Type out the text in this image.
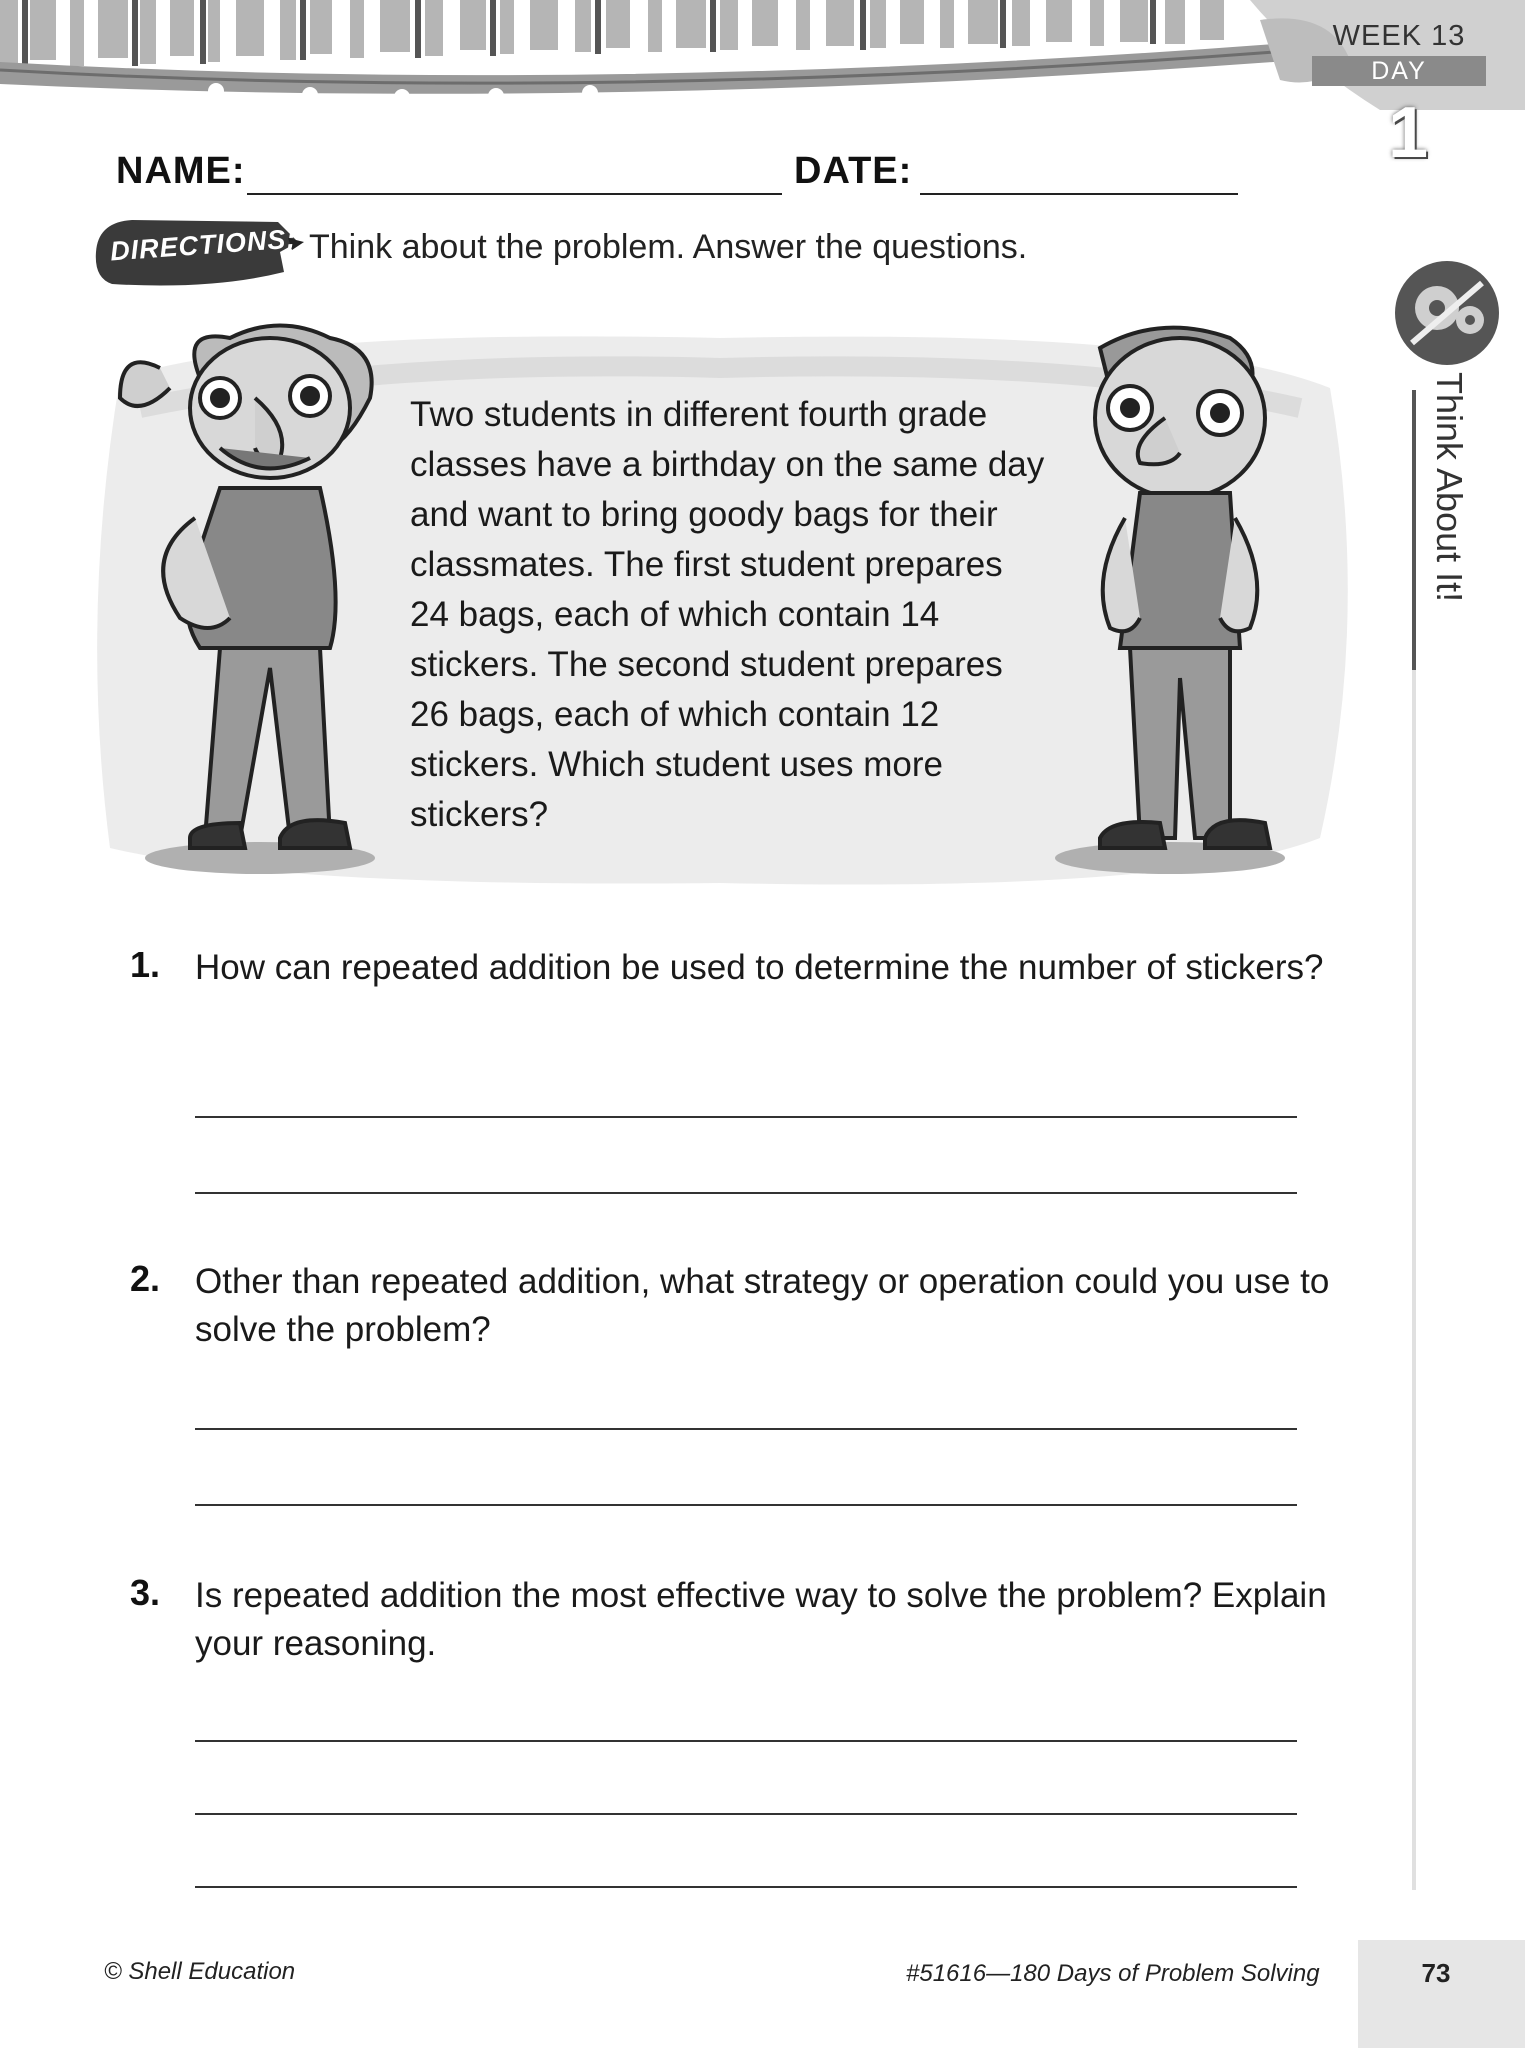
WEEK 13
DAY
1
NAME:	DATE:
DIRECTIONS: Think about the problem. Answer the questions.
Two students in different fourth grade classes have a birthday on the same day and want to bring goody bags for their classmates. The first student prepares 24 bags, each of which contain 14 stickers. The second student prepares 26 bags, each of which contain 12 stickers. Which student uses more stickers?
Think About It!
1. How can repeated addition be used to determine the number of stickers?
2. Other than repeated addition, what strategy or operation could you use to solve the problem?
3. Is repeated addition the most effective way to solve the problem? Explain your reasoning.
© Shell Education	#51616—180 Days of Problem Solving	73
